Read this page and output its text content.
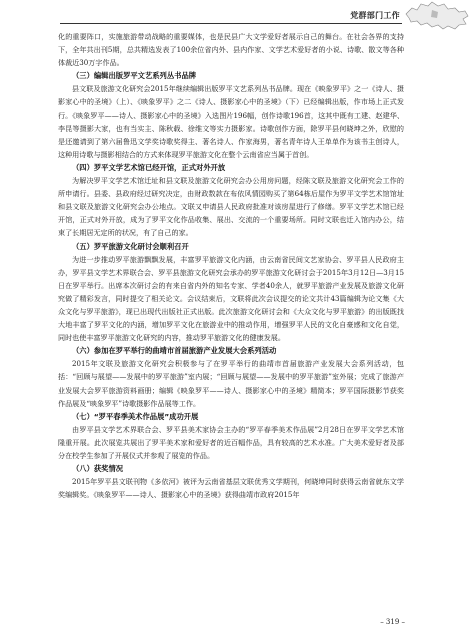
党群部门工作

化的重要阵口，实施旅游带动战略的重要媒体，也是民县广大文学爱好者展示自己的舞台。在社会各界的支持下，全年共出刊5期，总共精选发表了100余位省内外、县内作家、文学艺术爱好者的小说、诗歌、散文等各种体裁近30万字作品。

（三）编辑出版罗平文艺系列丛书品牌

县文联及旅游文化研究会2015年继续编辑出版罗平文艺系列丛书品牌。现在《映象罗平》之一《诗人、摄影家心中的圣境》（上）、《映象罗平》之二《诗人、摄影家心中的圣境》（下）已经编辑出版，作市场上正式发行。《映象罗平——诗人、摄影家心中的圣境》入选图片196幅，创作诗歌196首，这其中既有工建、赵建华、李昆等摄影大家，也有当实主、陈秋载、徐维文等实力摄影家。诗歌创作方面，除罗平县何晓坤之外，欣慰的是还邀请到了第六届鲁迅文学奖诗歌奖得主、著名诗人、作家海男，著名青年诗人王单单作为该书主创诗人，这种用诗歌与摄影相结合的方式来体现罗平旅游文化在整个云南省应当属于首创。

（四）罗平文学艺术馆已经开馆，正式对外开放

为解决罗平文学艺术馆迁址和县文联及旅游文化研究会办公用房问题，经陈文联及旅游文化研究会工作的所申请行。县委、县政府经过研究决定，由财政数款在布依风情园购买了第64栋后屋作为罗平文学艺术馆馆址和县文联及旅游文化研究会办公地点。文联又申请县人民政府批准对该房屋进行了修缮。罗平文学艺术馆已经开馆，正式对外开放，成为了罗平文化作品收集、展出、交流的一个重要场所。同时文联也迁入馆内办公，结束了长期居无定所的状况，有了自己的家。

（五）罗平旅游文化研讨会顺利召开

为进一步推动罗平旅游飘飘发展，丰富罗平旅游文化内涵，由云南省民间文艺家协会、罗平县人民政府主办，罗平县文学艺术界联合会、罗平县旅游文化研究会承办的罗平旅游文化研讨会于2015年3月12日—3月15日在罗平举行。出席本次研讨会的有来自省内外的知名专家、学者40余人，就罗平旅游产业发展及旅游文化研究做了精彩发言，同时提交了相关论文。会议结束后，文联将此次会议提交的论文共计43篇编辑为论文集《大众文化与罗平旅游》，现已出现代出版社正式出版。此次旅游文化研讨会和《大众文化与罗平旅游》的出版既找大地丰富了罗平文化的内涵，增加罗平文化在旅游业中的推动作用，增强罗平人民的文化自豪感和文化自觉，同时也使丰富罗平旅游文化研究的内容，推动罗平旅游文化的健康发展。

（六）参加在罗平举行的曲靖市首届旅游产业发展大会系列活动

2015年文联及旅游文化研究会积极参与了在罗平举行的曲靖市首届旅游产业发展大会系列活动，包括：“回顾与展望——发展中的罗平旅游”室内展；“回顾与展望——发展中的罗平旅游”室外展；完成了旅游产业发展大会罗平旅游资料画册；编辑《映象罗平——诗人、摄影家心中的圣境》精简本；罗平国际摄影节获奖作品展及“映象罗平”诗歌摄影作品展等工作。

（七）“罗平春季美术作品展”成功开展

由罗平县文学艺术界联合会、罗平县美术家协会主办的“罗平春季美术作品展”2月28日在罗平文学艺术馆隆重开展。此次展览共展出了罗平美术家和爱好者的近百幅作品，具有较高的艺术水准。广大美术爱好者及部分在校学生参加了开展仪式并参观了展览的作品。

（八）获奖情况

2015年罗平县文联刊物《多依河》被评为云南省基层文联优秀文学期刊，何晓坤同时获得云南省就东文学奖编辑奖。《映象罗平——诗人、摄影家心中的圣境》获得曲靖市政府2015年

– 319 –
